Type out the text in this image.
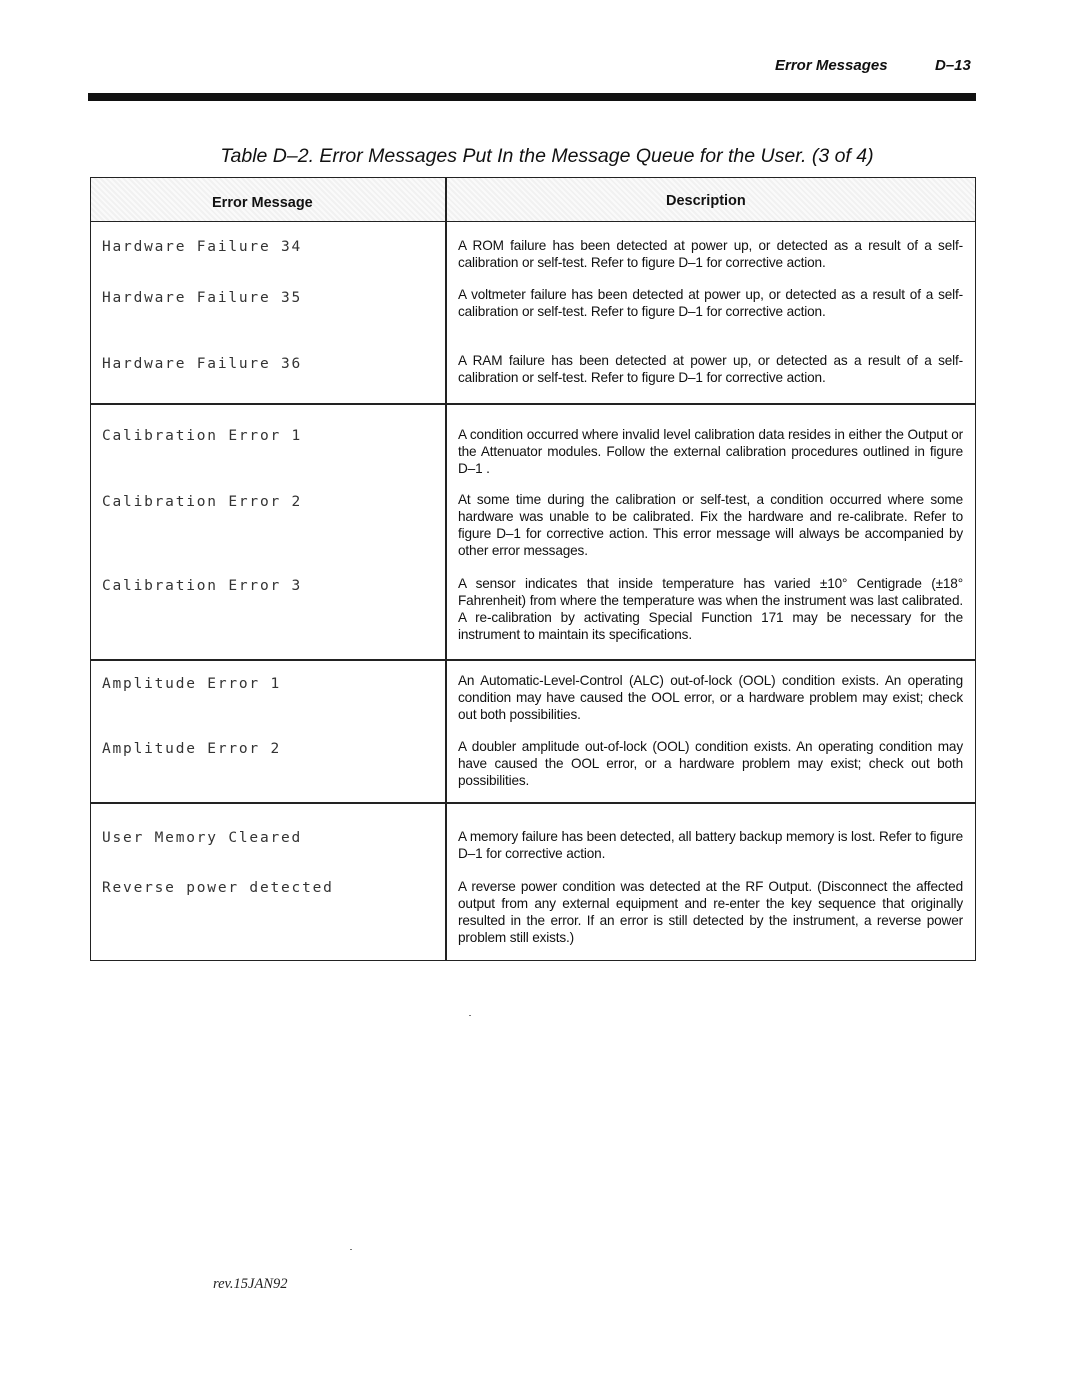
Error Messages	D–13
Table D–2. Error Messages Put In the Message Queue for the User. (3 of 4)
Error Message	Description
Hardware Failure 34	A ROM failure has been detected at power up, or detected as a result of a self-calibration or self-test. Refer to figure D–1 for corrective action.
Hardware Failure 35	A voltmeter failure has been detected at power up, or detected as a result of a self-calibration or self-test. Refer to figure D–1 for corrective action.
Hardware Failure 36	A RAM failure has been detected at power up, or detected as a result of a self-calibration or self-test. Refer to figure D–1 for corrective action.
Calibration Error 1	A condition occurred where invalid level calibration data resides in either the Output or the Attenuator modules. Follow the external calibration procedures outlined in figure D–1 .
Calibration Error 2	At some time during the calibration or self-test, a condition occurred where some hardware was unable to be calibrated. Fix the hardware and re-calibrate. Refer to figure D–1 for corrective action. This error message will always be accompanied by other error messages.
Calibration Error 3	A sensor indicates that inside temperature has varied ±10° Centigrade (±18° Fahrenheit) from where the temperature was when the instrument was last calibrated. A re-calibration by activating Special Function 171 may be necessary for the instrument to maintain its specifications.
Amplitude Error 1	An Automatic-Level-Control (ALC) out-of-lock (OOL) condition exists. An operating condition may have caused the OOL error, or a hardware problem may exist; check out both possibilities.
Amplitude Error 2	A doubler amplitude out-of-lock (OOL) condition exists. An operating condition may have caused the OOL error, or a hardware problem may exist; check out both possibilities.
User Memory Cleared	A memory failure has been detected, all battery backup memory is lost. Refer to figure D–1 for corrective action.
Reverse power detected	A reverse power condition was detected at the RF Output. (Disconnect the affected output from any external equipment and re-enter the key sequence that originally resulted in the error. If an error is still detected by the instrument, a reverse power problem still exists.)
rev.15JAN92
